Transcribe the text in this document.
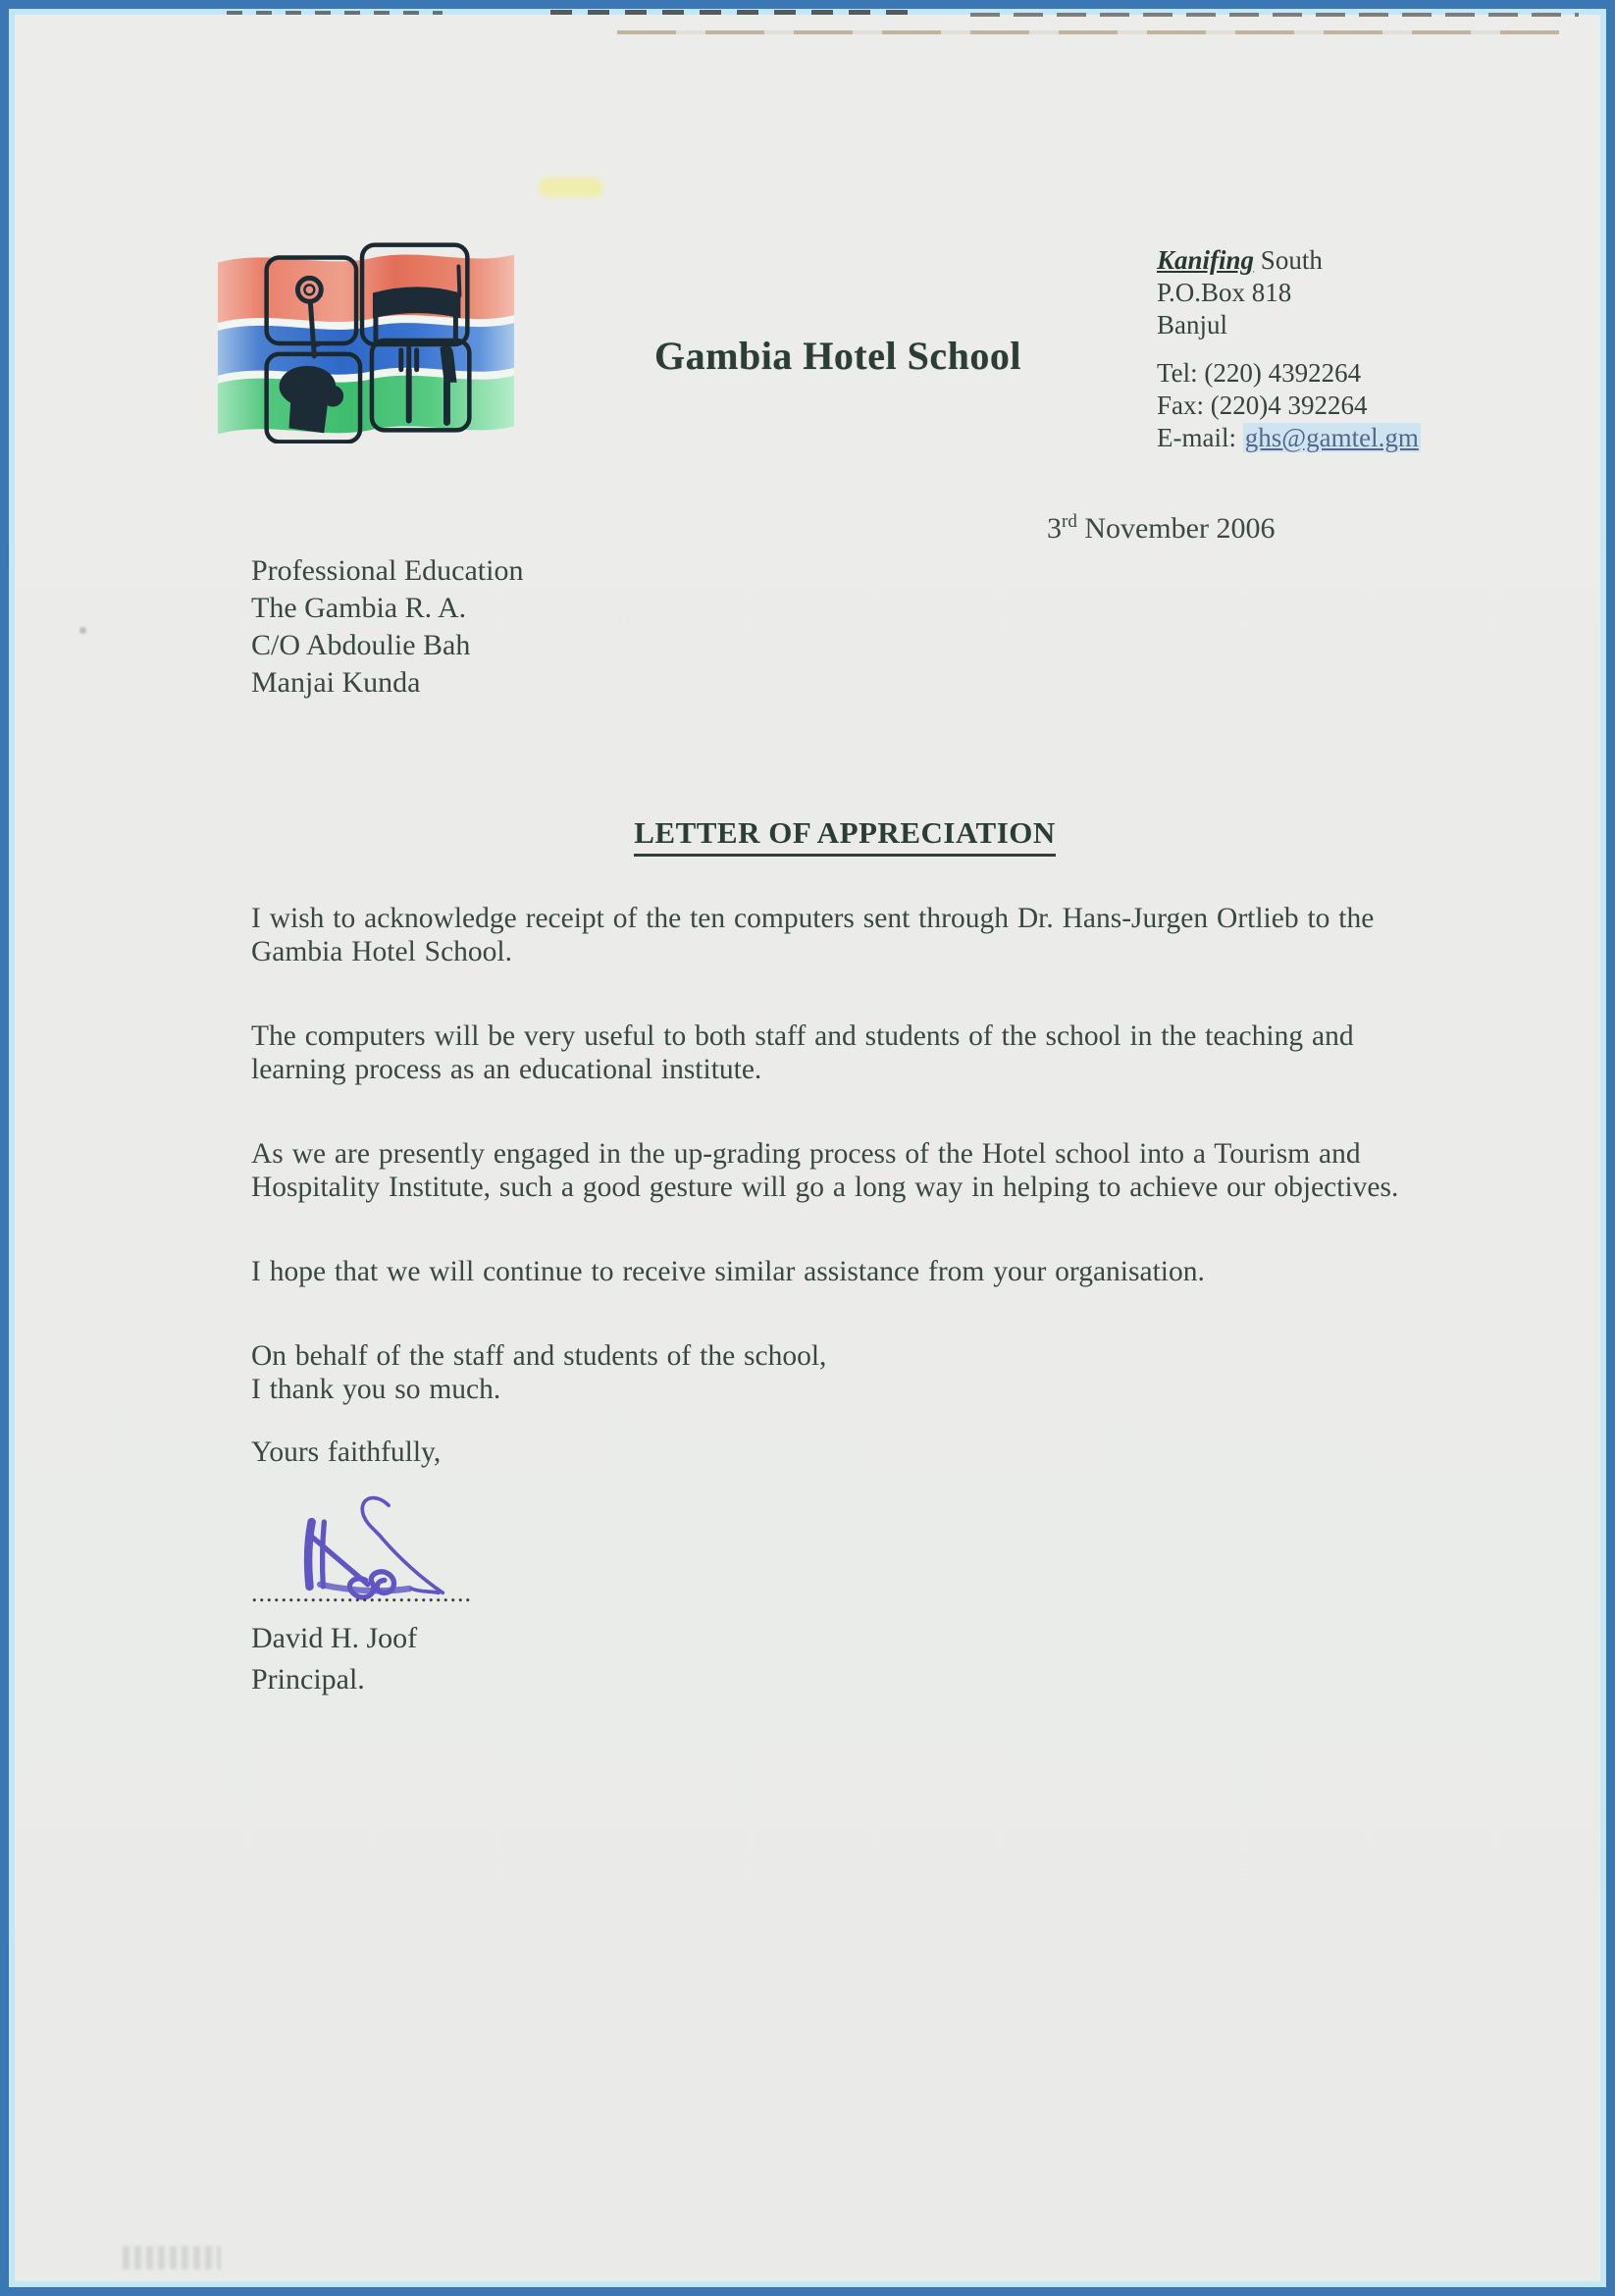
Gambia Hotel School
Kanifing South
P.O.Box 818
Banjul
Tel: (220) 4392264
Fax: (220)4 392264
E-mail: ghs@gamtel.gm
3rd November 2006
Professional Education
The Gambia R. A.
C/O Abdoulie Bah
Manjai Kunda
LETTER OF APPRECIATION

I wish to acknowledge receipt of the ten computers sent through Dr. Hans-Jurgen Ortlieb to the Gambia Hotel School.

The computers will be very useful to both staff and students of the school in the teaching and learning process as an educational institute.

As we are presently engaged in the up-grading process of the Hotel school into a Tourism and Hospitality Institute, such a good gesture will go a long way in helping to achieve our objectives.

I hope that we will continue to receive similar assistance from your organisation.

On behalf of the staff and students of the school,

I thank you so much.

Yours faithfully,

..............................
David H. Joof
Principal.
